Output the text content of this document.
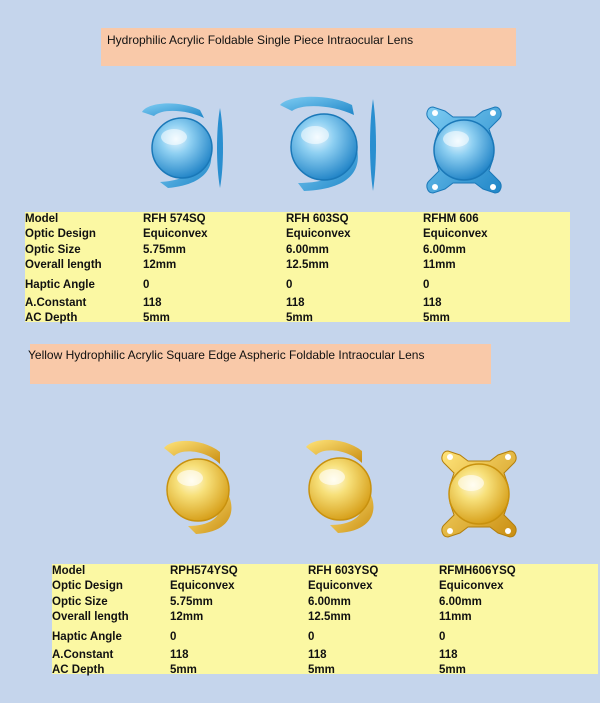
Hydrophilic Acrylic Foldable Single Piece Intraocular Lens
Model	RFH 574SQ	RFH 603SQ	RFHM 606
Optic Design	Equiconvex	Equiconvex	Equiconvex
Optic Size	5.75mm	6.00mm	6.00mm
Overall length	12mm	12.5mm	11mm
Haptic Angle	0	0	0
A.Constant	118	118	118
AC Depth	5mm	5mm	5mm
Yellow Hydrophilic Acrylic Square Edge Aspheric Foldable Intraocular Lens
Model	RPH574YSQ	RFH 603YSQ	RFMH606YSQ
Optic Design	Equiconvex	Equiconvex	Equiconvex
Optic Size	5.75mm	6.00mm	6.00mm
Overall length	12mm	12.5mm	11mm
Haptic Angle	0	0	0
A.Constant	118	118	118
AC Depth	5mm	5mm	5mm
